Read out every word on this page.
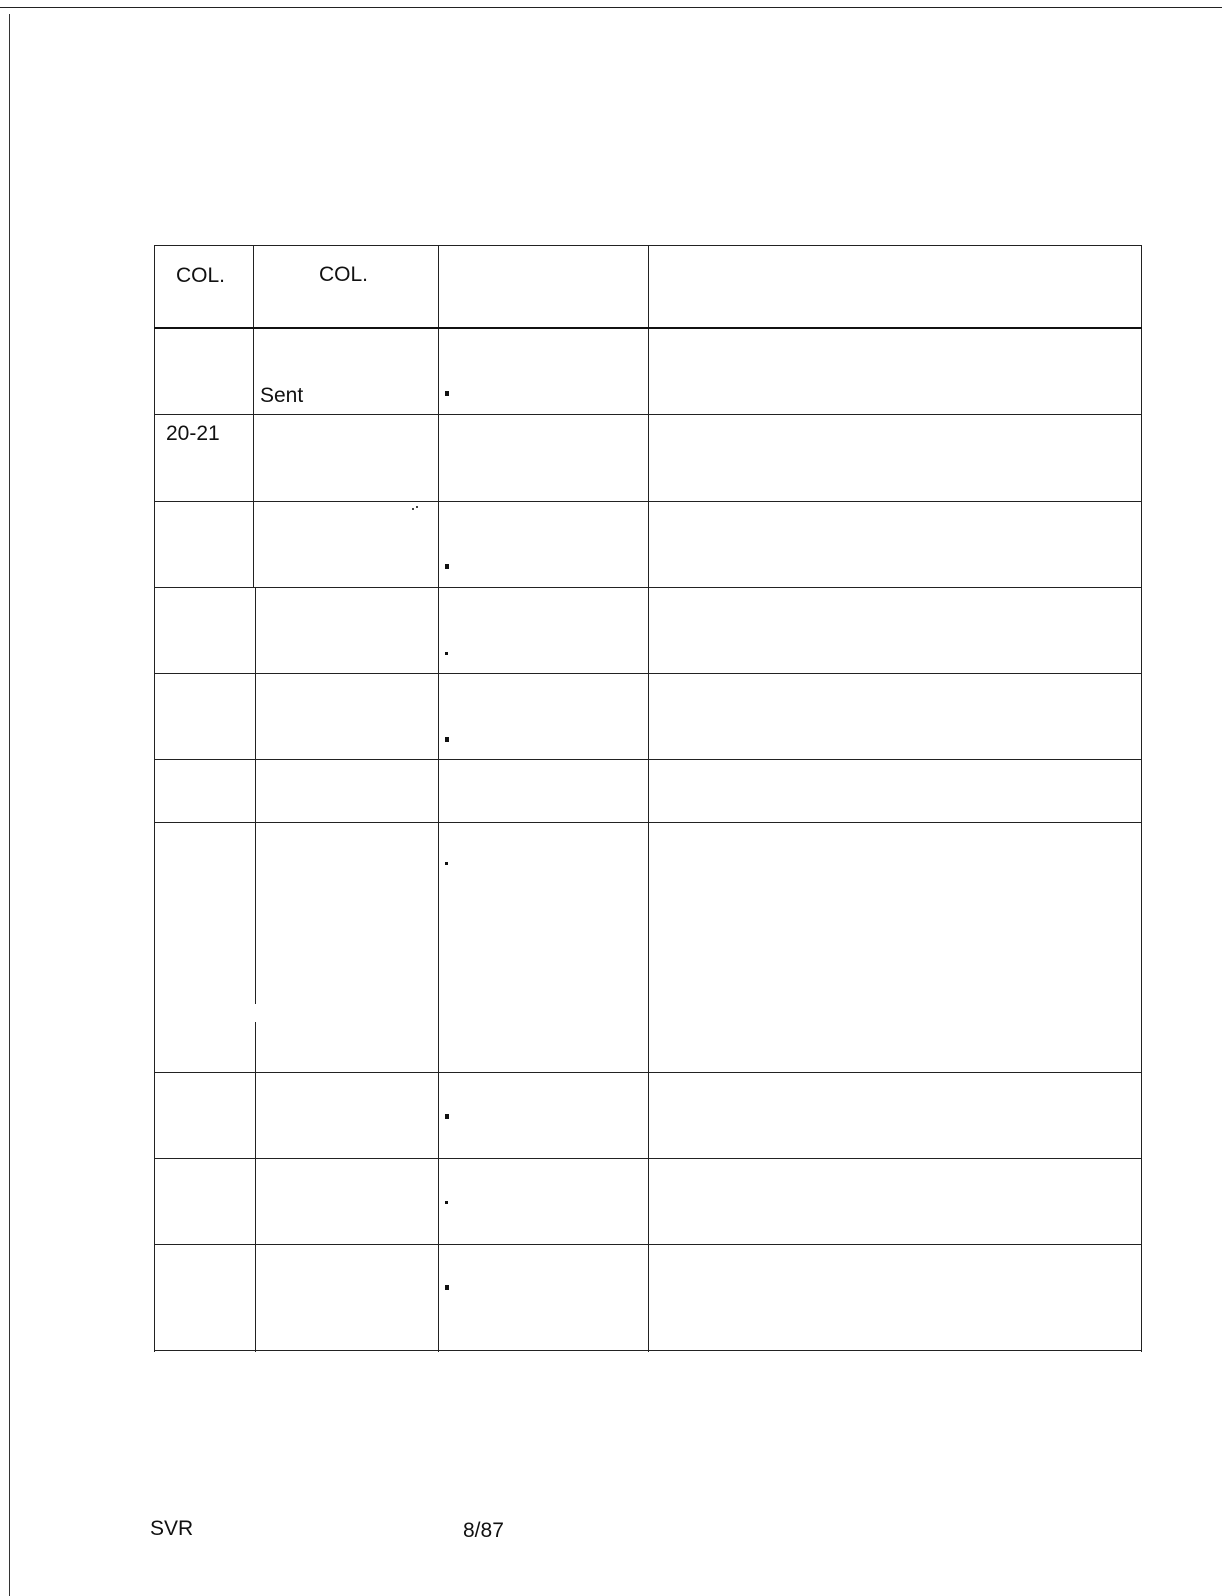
COL.	COL.
Sent
20-21
SVR	8/87
